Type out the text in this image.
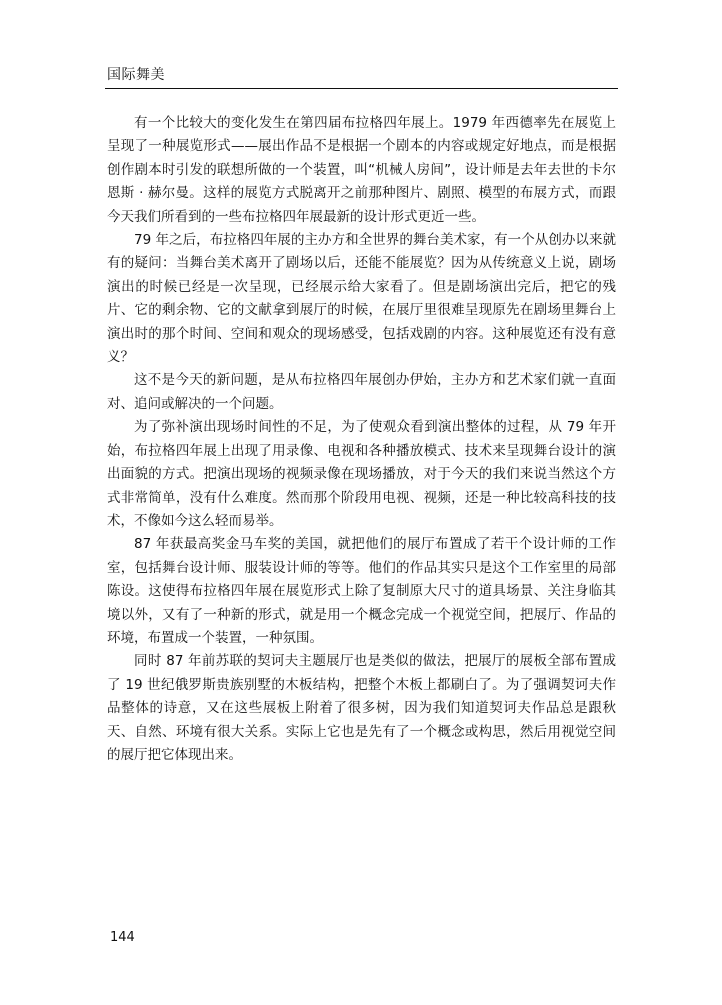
国际舞美

有一个比较大的变化发生在第四届布拉格四年展上。1979 年西德率先在展览上呈现了一种展览形式——展出作品不是根据一个剧本的内容或规定好地点，而是根据创作剧本时引发的联想所做的一个装置，叫“机械人房间”，设计师是去年去世的卡尔恩斯 · 赫尔曼。这样的展览方式脱离开之前那种图片、剧照、模型的布展方式，而跟今天我们所看到的一些布拉格四年展最新的设计形式更近一些。

79 年之后，布拉格四年展的主办方和全世界的舞台美术家，有一个从创办以来就有的疑问：当舞台美术离开了剧场以后，还能不能展览？因为从传统意义上说，剧场演出的时候已经是一次呈现，已经展示给大家看了。但是剧场演出完后，把它的残片、它的剩余物、它的文献拿到展厅的时候，在展厅里很难呈现原先在剧场里舞台上演出时的那个时间、空间和观众的现场感受，包括戏剧的内容。这种展览还有没有意义？

这不是今天的新问题，是从布拉格四年展创办伊始，主办方和艺术家们就一直面对、追问或解决的一个问题。

为了弥补演出现场时间性的不足，为了使观众看到演出整体的过程，从 79 年开始，布拉格四年展上出现了用录像、电视和各种播放模式、技术来呈现舞台设计的演出面貌的方式。把演出现场的视频录像在现场播放，对于今天的我们来说当然这个方式非常简单，没有什么难度。然而那个阶段用电视、视频，还是一种比较高科技的技术，不像如今这么轻而易举。

87 年获最高奖金马车奖的美国，就把他们的展厅布置成了若干个设计师的工作室，包括舞台设计师、服装设计师的等等。他们的作品其实只是这个工作室里的局部陈设。这使得布拉格四年展在展览形式上除了复制原大尺寸的道具场景、关注身临其境以外，又有了一种新的形式，就是用一个概念完成一个视觉空间，把展厅、作品的环境，布置成一个装置，一种氛围。

同时 87 年前苏联的契诃夫主题展厅也是类似的做法，把展厅的展板全部布置成了 19 世纪俄罗斯贵族别墅的木板结构，把整个木板上都刷白了。为了强调契诃夫作品整体的诗意，又在这些展板上附着了很多树，因为我们知道契诃夫作品总是跟秋天、自然、环境有很大关系。实际上它也是先有了一个概念或构思，然后用视觉空间的展厅把它体现出来。

144
